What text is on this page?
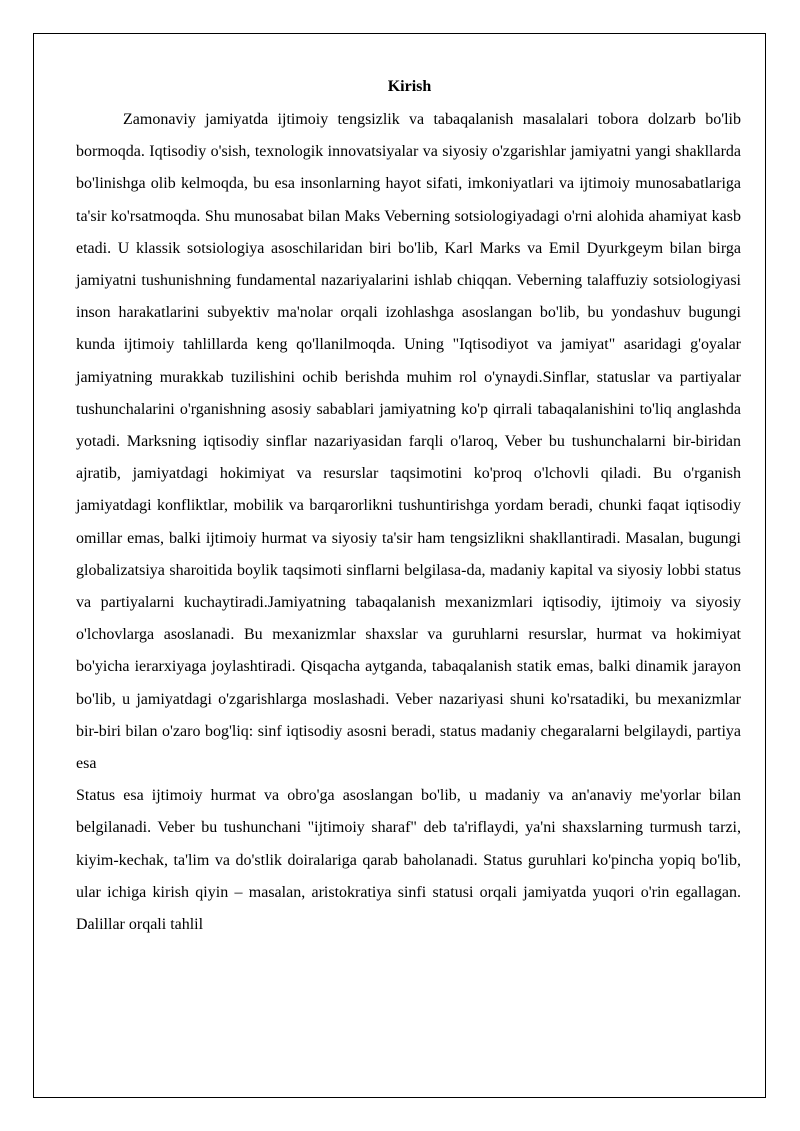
Kirish

Zamonaviy jamiyatda ijtimoiy tengsizlik va tabaqalanish masalalari tobora dolzarb bo'lib bormoqda. Iqtisodiy o'sish, texnologik innovatsiyalar va siyosiy o'zgarishlar jamiyatni yangi shakllarda bo'linishga olib kelmoqda, bu esa insonlarning hayot sifati, imkoniyatlari va ijtimoiy munosabatlariga ta'sir ko'rsatmoqda. Shu munosabat bilan Maks Veberning sotsiologiyadagi o'rni alohida ahamiyat kasb etadi. U klassik sotsiologiya asoschilaridan biri bo'lib, Karl Marks va Emil Dyurkgeym bilan birga jamiyatni tushunishning fundamental nazariyalarini ishlab chiqqan. Veberning talaffuziy sotsiologiyasi inson harakatlarini subyektiv ma'nolar orqali izohlashga asoslangan bo'lib, bu yondashuv bugungi kunda ijtimoiy tahlillarda keng qo'llanilmoqda. Uning "Iqtisodiyot va jamiyat" asaridagi g'oyalar jamiyatning murakkab tuzilishini ochib berishda muhim rol o'ynaydi.Sinflar, statuslar va partiyalar tushunchalarini o'rganishning asosiy sabablari jamiyatning ko'p qirrali tabaqalanishini to'liq anglashda yotadi. Marksning iqtisodiy sinflar nazariyasidan farqli o'laroq, Veber bu tushunchalarni bir-biridan ajratib, jamiyatdagi hokimiyat va resurslar taqsimotini ko'proq o'lchovli qiladi. Bu o'rganish jamiyatdagi konfliktlar, mobilik va barqarorlikni tushuntirishga yordam beradi, chunki faqat iqtisodiy omillar emas, balki ijtimoiy hurmat va siyosiy ta'sir ham tengsizlikni shakllantiradi. Masalan, bugungi globalizatsiya sharoitida boylik taqsimoti sinflarni belgilasa-da, madaniy kapital va siyosiy lobbi status va partiyalarni kuchaytiradi.Jamiyatning tabaqalanish mexanizmlari iqtisodiy, ijtimoiy va siyosiy o'lchovlarga asoslanadi. Bu mexanizmlar shaxslar va guruhlarni resurslar, hurmat va hokimiyat bo'yicha ierarxiyaga joylashtiradi. Qisqacha aytganda, tabaqalanish statik emas, balki dinamik jarayon bo'lib, u jamiyatdagi o'zgarishlarga moslashadi. Veber nazariyasi shuni ko'rsatadiki, bu mexanizmlar bir-biri bilan o'zaro bog'liq: sinf iqtisodiy asosni beradi, status madaniy chegaralarni belgilaydi, partiya esa

Status esa ijtimoiy hurmat va obro'ga asoslangan bo'lib, u madaniy va an'anaviy me'yorlar bilan belgilanadi. Veber bu tushunchani "ijtimoiy sharaf" deb ta'riflaydi, ya'ni shaxslarning turmush tarzi, kiyim-kechak, ta'lim va do'stlik doiralariga qarab baholanadi. Status guruhlari ko'pincha yopiq bo'lib, ular ichiga kirish qiyin – masalan, aristokratiya sinfi statusi orqali jamiyatda yuqori o'rin egallagan. Dalillar orqali tahlil
